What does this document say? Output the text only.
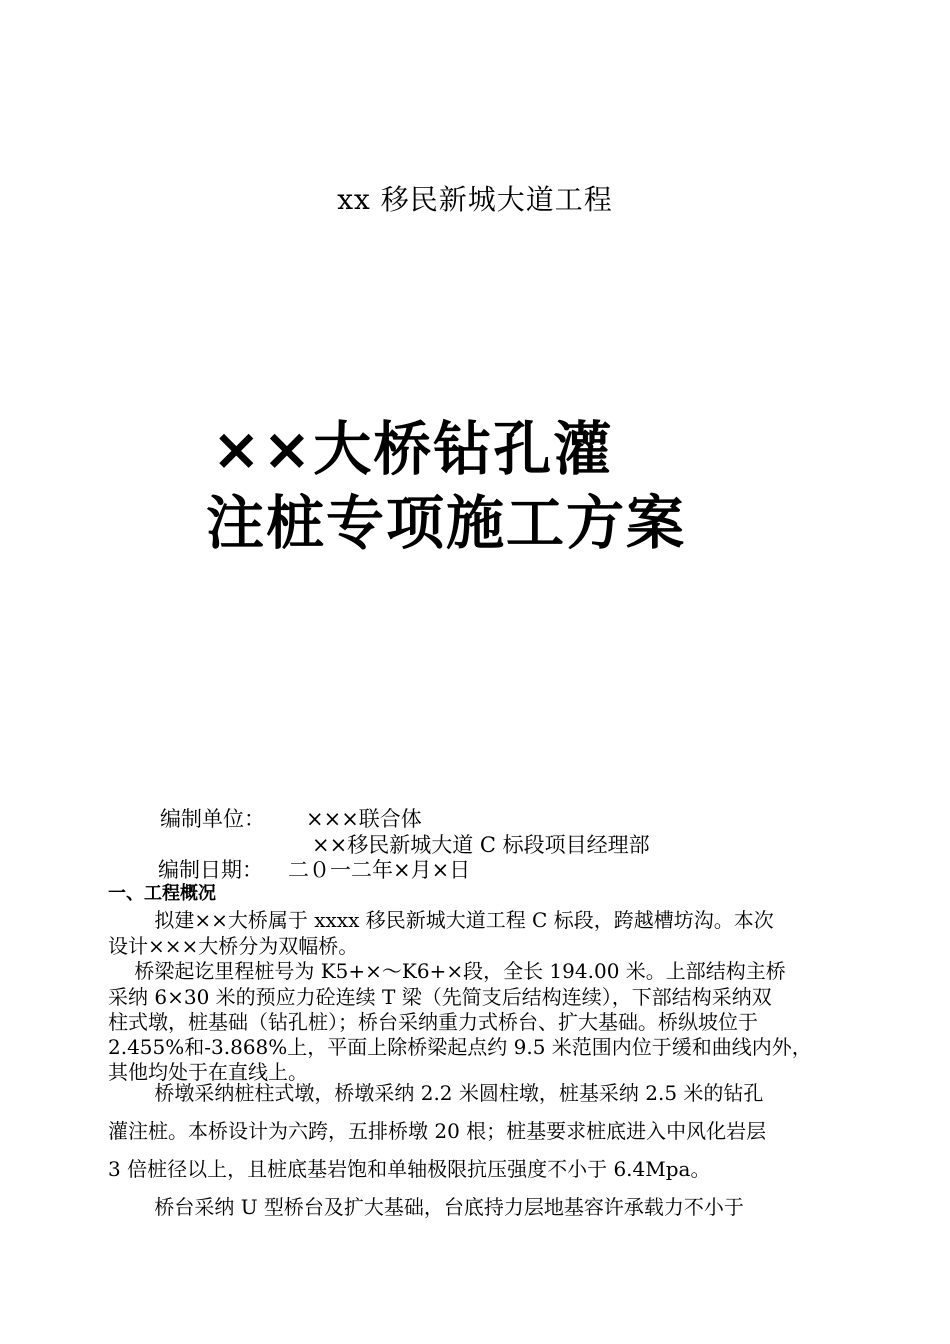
xx 移民新城大道工程
××大桥钻孔灌
注桩专项施工方案
编制单位： ×××联合体
××移民新城大道 C 标段项目经理部
编制日期： 二０一二年×月×日
一、工程概况
　　 拟建××大桥属于 xxxx 移民新城大道工程 C 标段，跨越槽坊沟。本次
设计×××大桥分为双幅桥。
　 桥梁起讫里程桩号为 K5+×～K6+×段，全长 194.00 米。上部结构主桥
采纳 6×30 米的预应力砼连续 T 梁（先简支后结构连续），下部结构采纳双
柱式墩，桩基础（钻孔桩）；桥台采纳重力式桥台、扩大基础。桥纵坡位于
2.455%和-3.868%上，平面上除桥梁起点约 9.5 米范围内位于缓和曲线内外，
其他均处于在直线上。
　　 桥墩采纳桩柱式墩，桥墩采纳 2.2 米圆柱墩，桩基采纳 2.5 米的钻孔
灌注桩。本桥设计为六跨，五排桥墩 20 根；桩基要求桩底进入中风化岩层
3 倍桩径以上，且桩底基岩饱和单轴极限抗压强度不小于 6.4Mpa。
　　 桥台采纳 U 型桥台及扩大基础，台底持力层地基容许承载力不小于
